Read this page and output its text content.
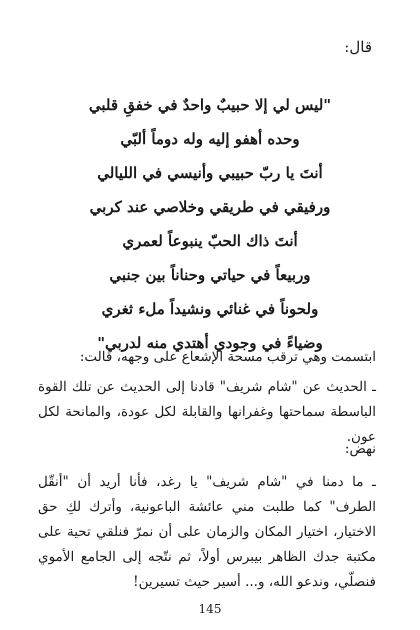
قال:

"ليس لي إلا حبيبٌ واحدٌ في خفقِ قلبي
وحده أهفو إليه وله دوماً ألبّي
أنتَ يا ربّ حبيبي وأنيسي في الليالي
ورفيقي في طريقي وخلاصي عند كربي
أنتَ ذاك الحبّ ينبوعاً لعمري
وربيعاً في حياتي وحناناً بين جنبي
ولحوناً في غنائي ونشيداً ملء ثغري
وضياءً في وجودي أهتدي منه لدربي"

ابتسمت وهي ترقب مسحة الإشعاع على وجهه، قالت:

ـ الحديث عن "شام شريف" قادنا إلى الحديث عن تلك القوة الباسطة سماحتها وغفرانها والقابلة لكل عودة، والمانحة لكل عون.

نهض:

ـ ما دمنا في "شام شريف" يا رغد، فأنا أريد أن "أنقّل الطرف" كما طلبت مني عائشة الباعونية، وأترك لكِ حق الاختيار، اختيار المكان والزمان على أن نمرّ فنلقي تحية على مكتبة جدك الظاهر بيبرس أولاً، ثم نتّجه إلى الجامع الأموي فنصلّي، وندعو الله، و... أسير حيث تسيرين!

145
